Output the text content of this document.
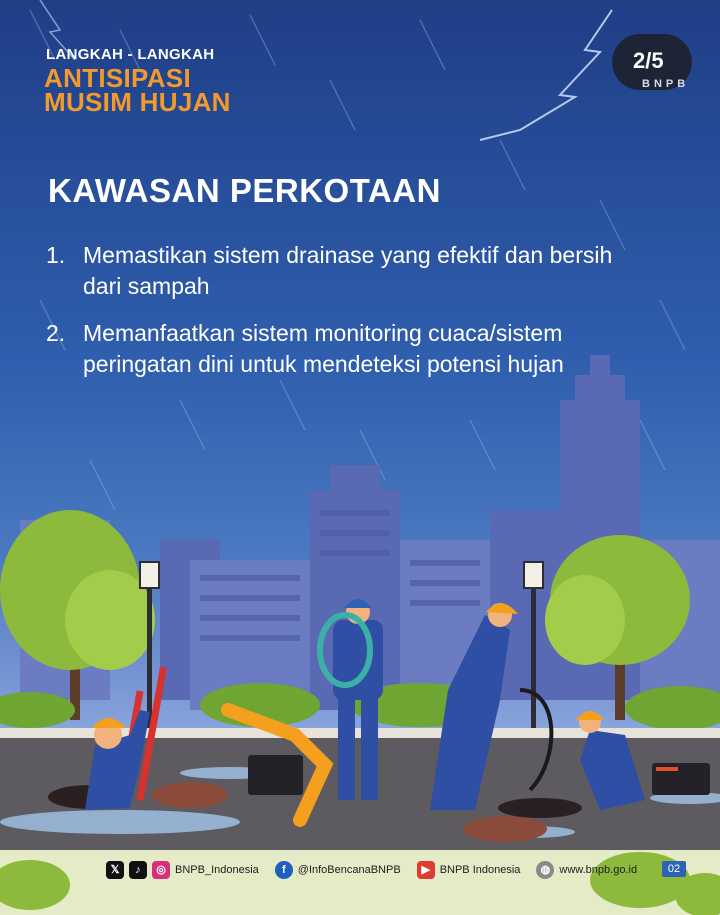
LANGKAH - LANGKAH
ANTISIPASI
MUSIM HUJAN
2/5
BNPB
KAWASAN PERKOTAAN
1. Memastikan sistem drainase yang efektif dan bersih dari sampah
2. Memanfaatkan sistem monitoring cuaca/sistem peringatan dini untuk mendeteksi potensi hujan
𝕏	♪	◎ BNPB_Indonesia	f	@InfoBencanaBNPB	▶ BNPB Indonesia	◍ www.bnpb.go.id	02
